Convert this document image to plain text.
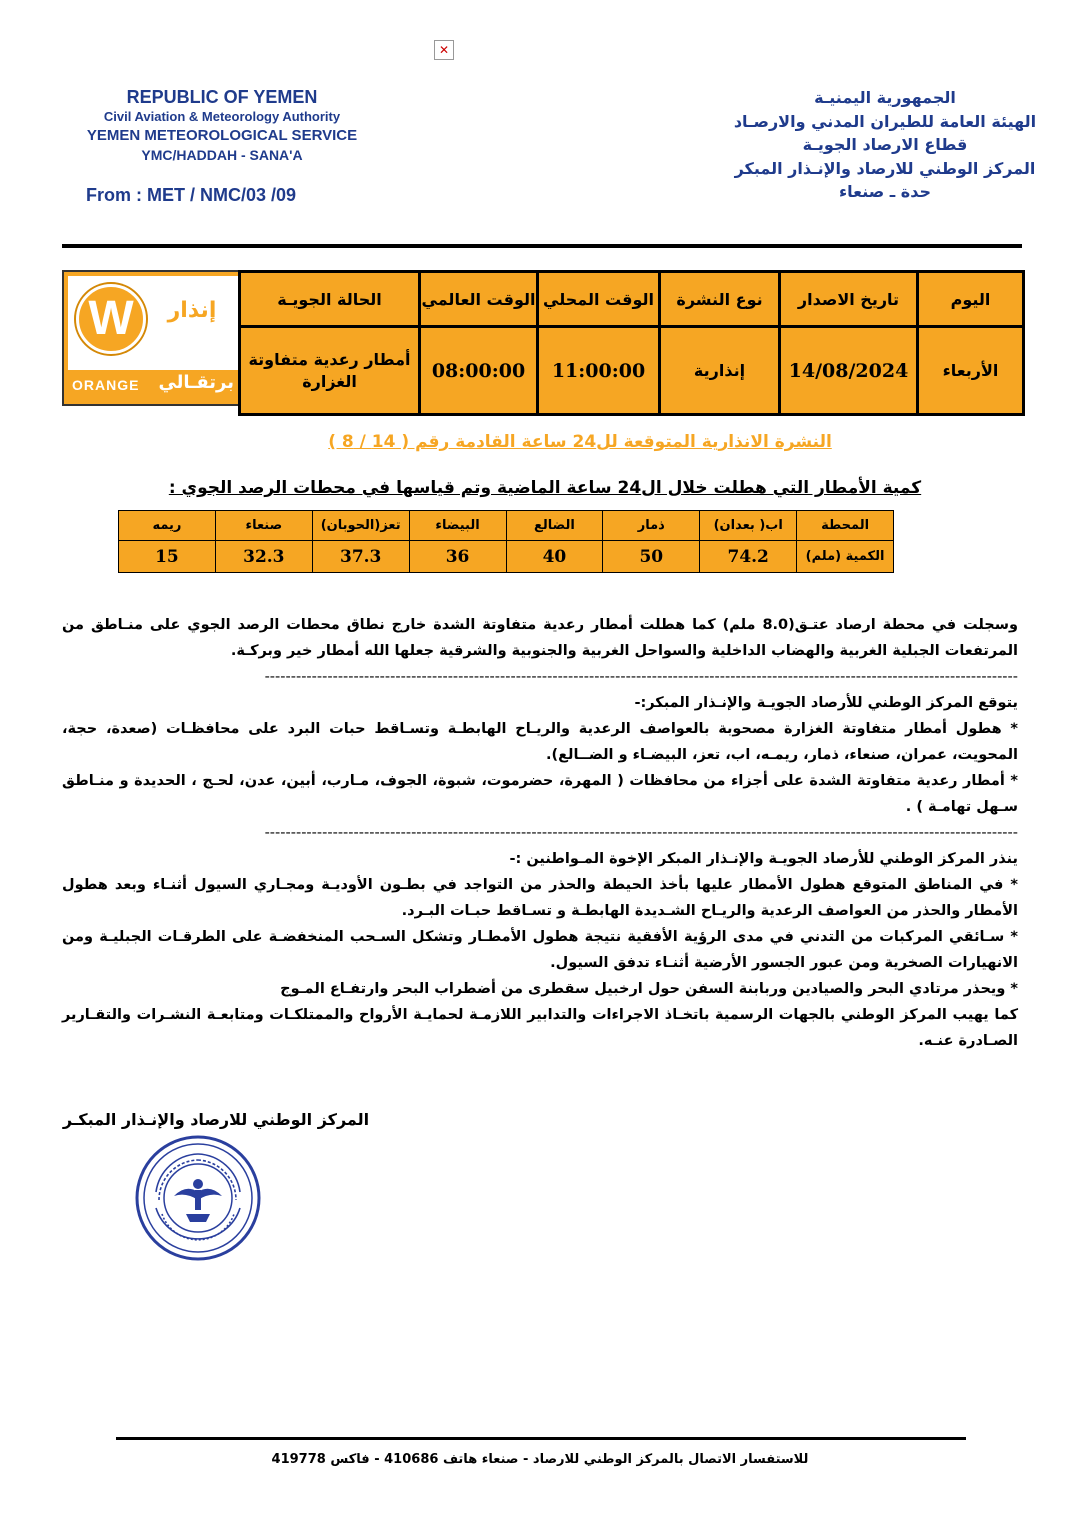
✕
REPUBLIC OF YEMEN
Civil Aviation & Meteorology Authority
YEMEN METEOROLOGICAL SERVICE
YMC/HADDAH - SANA'A
From : MET / NMC/03 /09
الجمهورية اليمنيـة
الهيئة العامة للطيران المدني والارصـاد
قطاع الارصاد الجويـة
المركز الوطني للارصاد والإنـذار المبكر
حدة ـ صنعاء
W	إنذار
ORANGE برتقـالي
اليوم	تاريخ الاصدار	نوع النشرة	الوقت المحلي	الوقت العالمي	الحالة الجويـة
الأربعاء	14/08/2024	إنذارية	11:00:00	08:00:00	أمطار رعدية متفاوتة الغزارة
النشرة الانذارية المتوقعة لل24 ساعة القادمة رقم ( 14 / 8 )
كمية الأمطار التي هطلت خلال ال24 ساعة الماضية وتم قياسها في محطات الرصد الجوي :
المحطة	اب( بعدان)	ذمار	الضالع	البيضاء	تعز(الحوبان)	صنعاء	ريمه
الكمية (ملم)	74.2	50	40	36	37.3	32.3	15

وسجلت في محطة ارصاد عتـق(8.0 ملم) كما هطلت أمطار رعدية متفاوتة الشدة خارج نطاق محطات الرصد الجوي على منـاطق من المرتفعات الجبلية الغربية والهضاب الداخلية والسواحل الغربية والجنوبية والشرقية جعلها الله أمطار خير وبركـة.

------------------------------------------------------------------------------------------------------------------------------------------------

يتوقع المركز الوطني للأرصاد الجويـة والإنـذار المبكر:-

* هطول أمطار متفاوتة الغزارة مصحوبة بالعواصف الرعدية والريـاح الهابطـة وتسـاقط حبات البرد على محافظـات (صعدة، حجة، المحويت، عمران، صنعاء، ذمار، ريمـه، اب، تعز، البيضـاء و الضــالع).

* أمطار رعدية متفاوتة الشدة على أجزاء من محافظات ( المهرة، حضرموت، شبوة، الجوف، مـارب، أبين، عدن، لحـج ، الحديدة و منـاطق سـهل تهامـة ) .

------------------------------------------------------------------------------------------------------------------------------------------------

ينذر المركز الوطني للأرصاد الجويـة والإنـذار المبكر الإخوة المـواطنين :-

* في المناطق المتوقع هطول الأمطار عليها بأخذ الحيطة والحذر من التواجد في بطـون الأوديـة ومجـاري السيول أثنـاء وبعد هطول الأمطار والحذر من العواصف الرعدية والريـاح الشـديدة الهابطـة و تسـاقط حبـات البـرد.

* سـائقي المركبات من التدني في مدى الرؤية الأفقية نتيجة هطول الأمطـار وتشكل السـحب المنخفضـة على الطرقـات الجبليـة ومن الانهيارات الصخرية ومن عبور الجسور الأرضية أثنـاء تدفق السيول.

* ويحذر مرتادي البحر والصيادين وربابنة السفن حول ارخبيل سقطرى من أضطراب البحر وارتفـاع المـوج

كما يهيب المركز الوطني بالجهات الرسمية باتخـاذ الاجراءات والتدابير اللازمـة لحمايـة الأرواح والممتلكـات ومتابعـة النشـرات والتقـارير الصـادرة عنـه.

المركز الوطني للارصاد والإنـذار المبكـر
للاستفسار الاتصال بالمركز الوطني للارصاد - صنعاء هاتف 410686 - فاكس 419778
